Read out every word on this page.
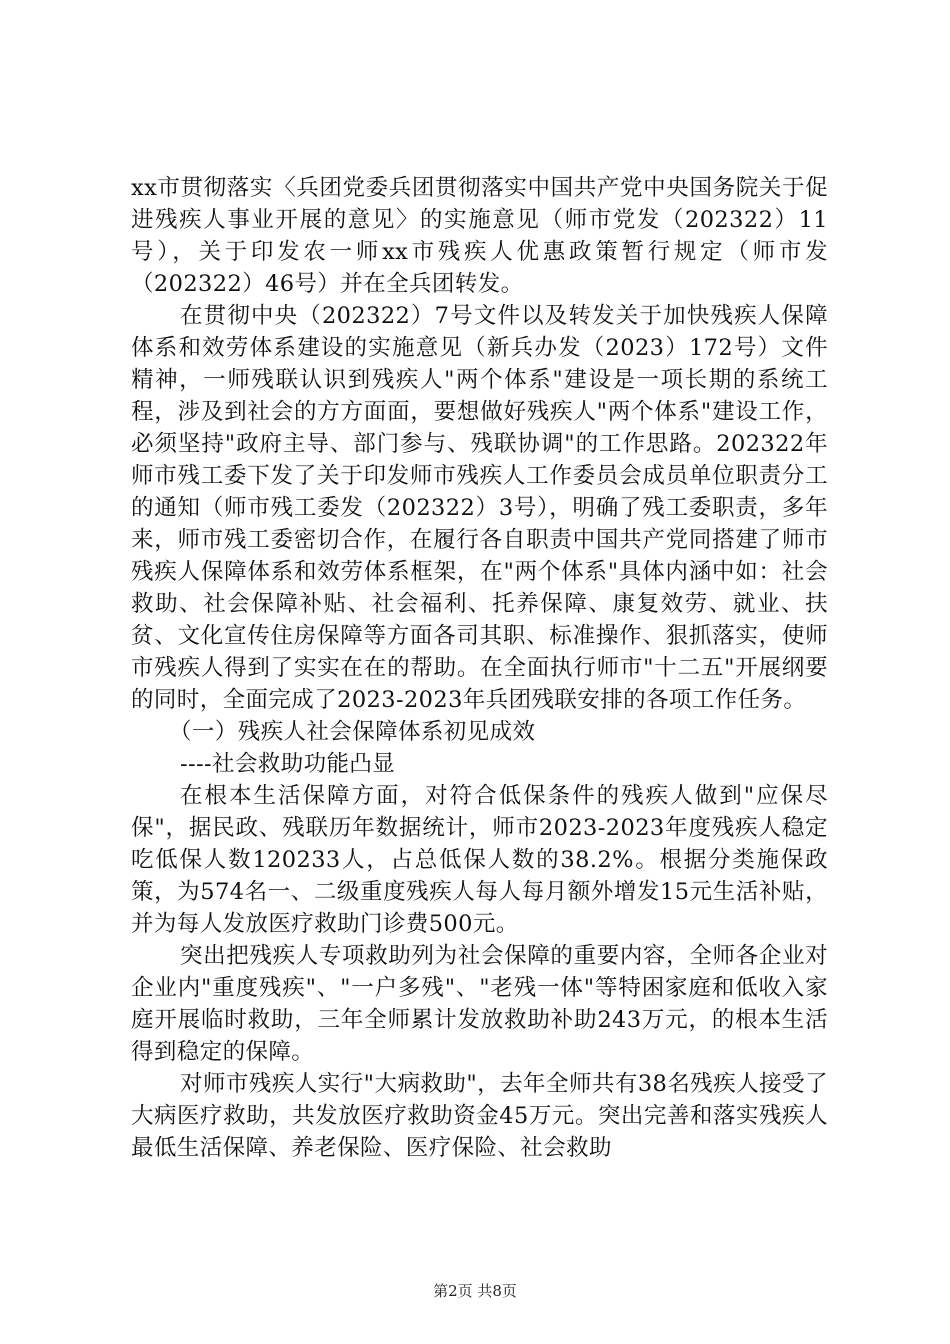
xx市贯彻落实〈兵团党委兵团贯彻落实中国共产党中央国务院关于促进残疾人事业开展的意见〉的实施意见（师市党发（202322）11号），关于印发农一师xx市残疾人优惠政策暂行规定（师市发（202322）46号）并在全兵团转发。

在贯彻中央（202322）7号文件以及转发关于加快残疾人保障体系和效劳体系建设的实施意见（新兵办发（2023）172号）文件精神，一师残联认识到残疾人"两个体系"建设是一项长期的系统工程，涉及到社会的方方面面，要想做好残疾人"两个体系"建设工作，必须坚持"政府主导、部门参与、残联协调"的工作思路。202322年师市残工委下发了关于印发师市残疾人工作委员会成员单位职责分工的通知（师市残工委发（202322）3号），明确了残工委职责，多年来，师市残工委密切合作，在履行各自职责中国共产党同搭建了师市残疾人保障体系和效劳体系框架，在"两个体系"具体内涵中如：社会救助、社会保障补贴、社会福利、托养保障、康复效劳、就业、扶贫、文化宣传住房保障等方面各司其职、标准操作、狠抓落实，使师市残疾人得到了实实在在的帮助。在全面执行师市"十二五"开展纲要的同时，全面完成了2023-2023年兵团残联安排的各项工作任务。

（一）残疾人社会保障体系初见成效

----社会救助功能凸显

在根本生活保障方面，对符合低保条件的残疾人做到"应保尽保"，据民政、残联历年数据统计，师市2023-2023年度残疾人稳定吃低保人数120233人，占总低保人数的38.2%。根据分类施保政策，为574名一、二级重度残疾人每人每月额外增发15元生活补贴，并为每人发放医疗救助门诊费500元。

突出把残疾人专项救助列为社会保障的重要内容，全师各企业对企业内"重度残疾"、"一户多残"、"老残一体"等特困家庭和低收入家庭开展临时救助，三年全师累计发放救助补助243万元，的根本生活得到稳定的保障。

对师市残疾人实行"大病救助"，去年全师共有38名残疾人接受了大病医疗救助，共发放医疗救助资金45万元。突出完善和落实残疾人最低生活保障、养老保险、医疗保险、社会救助

第2页 共8页
